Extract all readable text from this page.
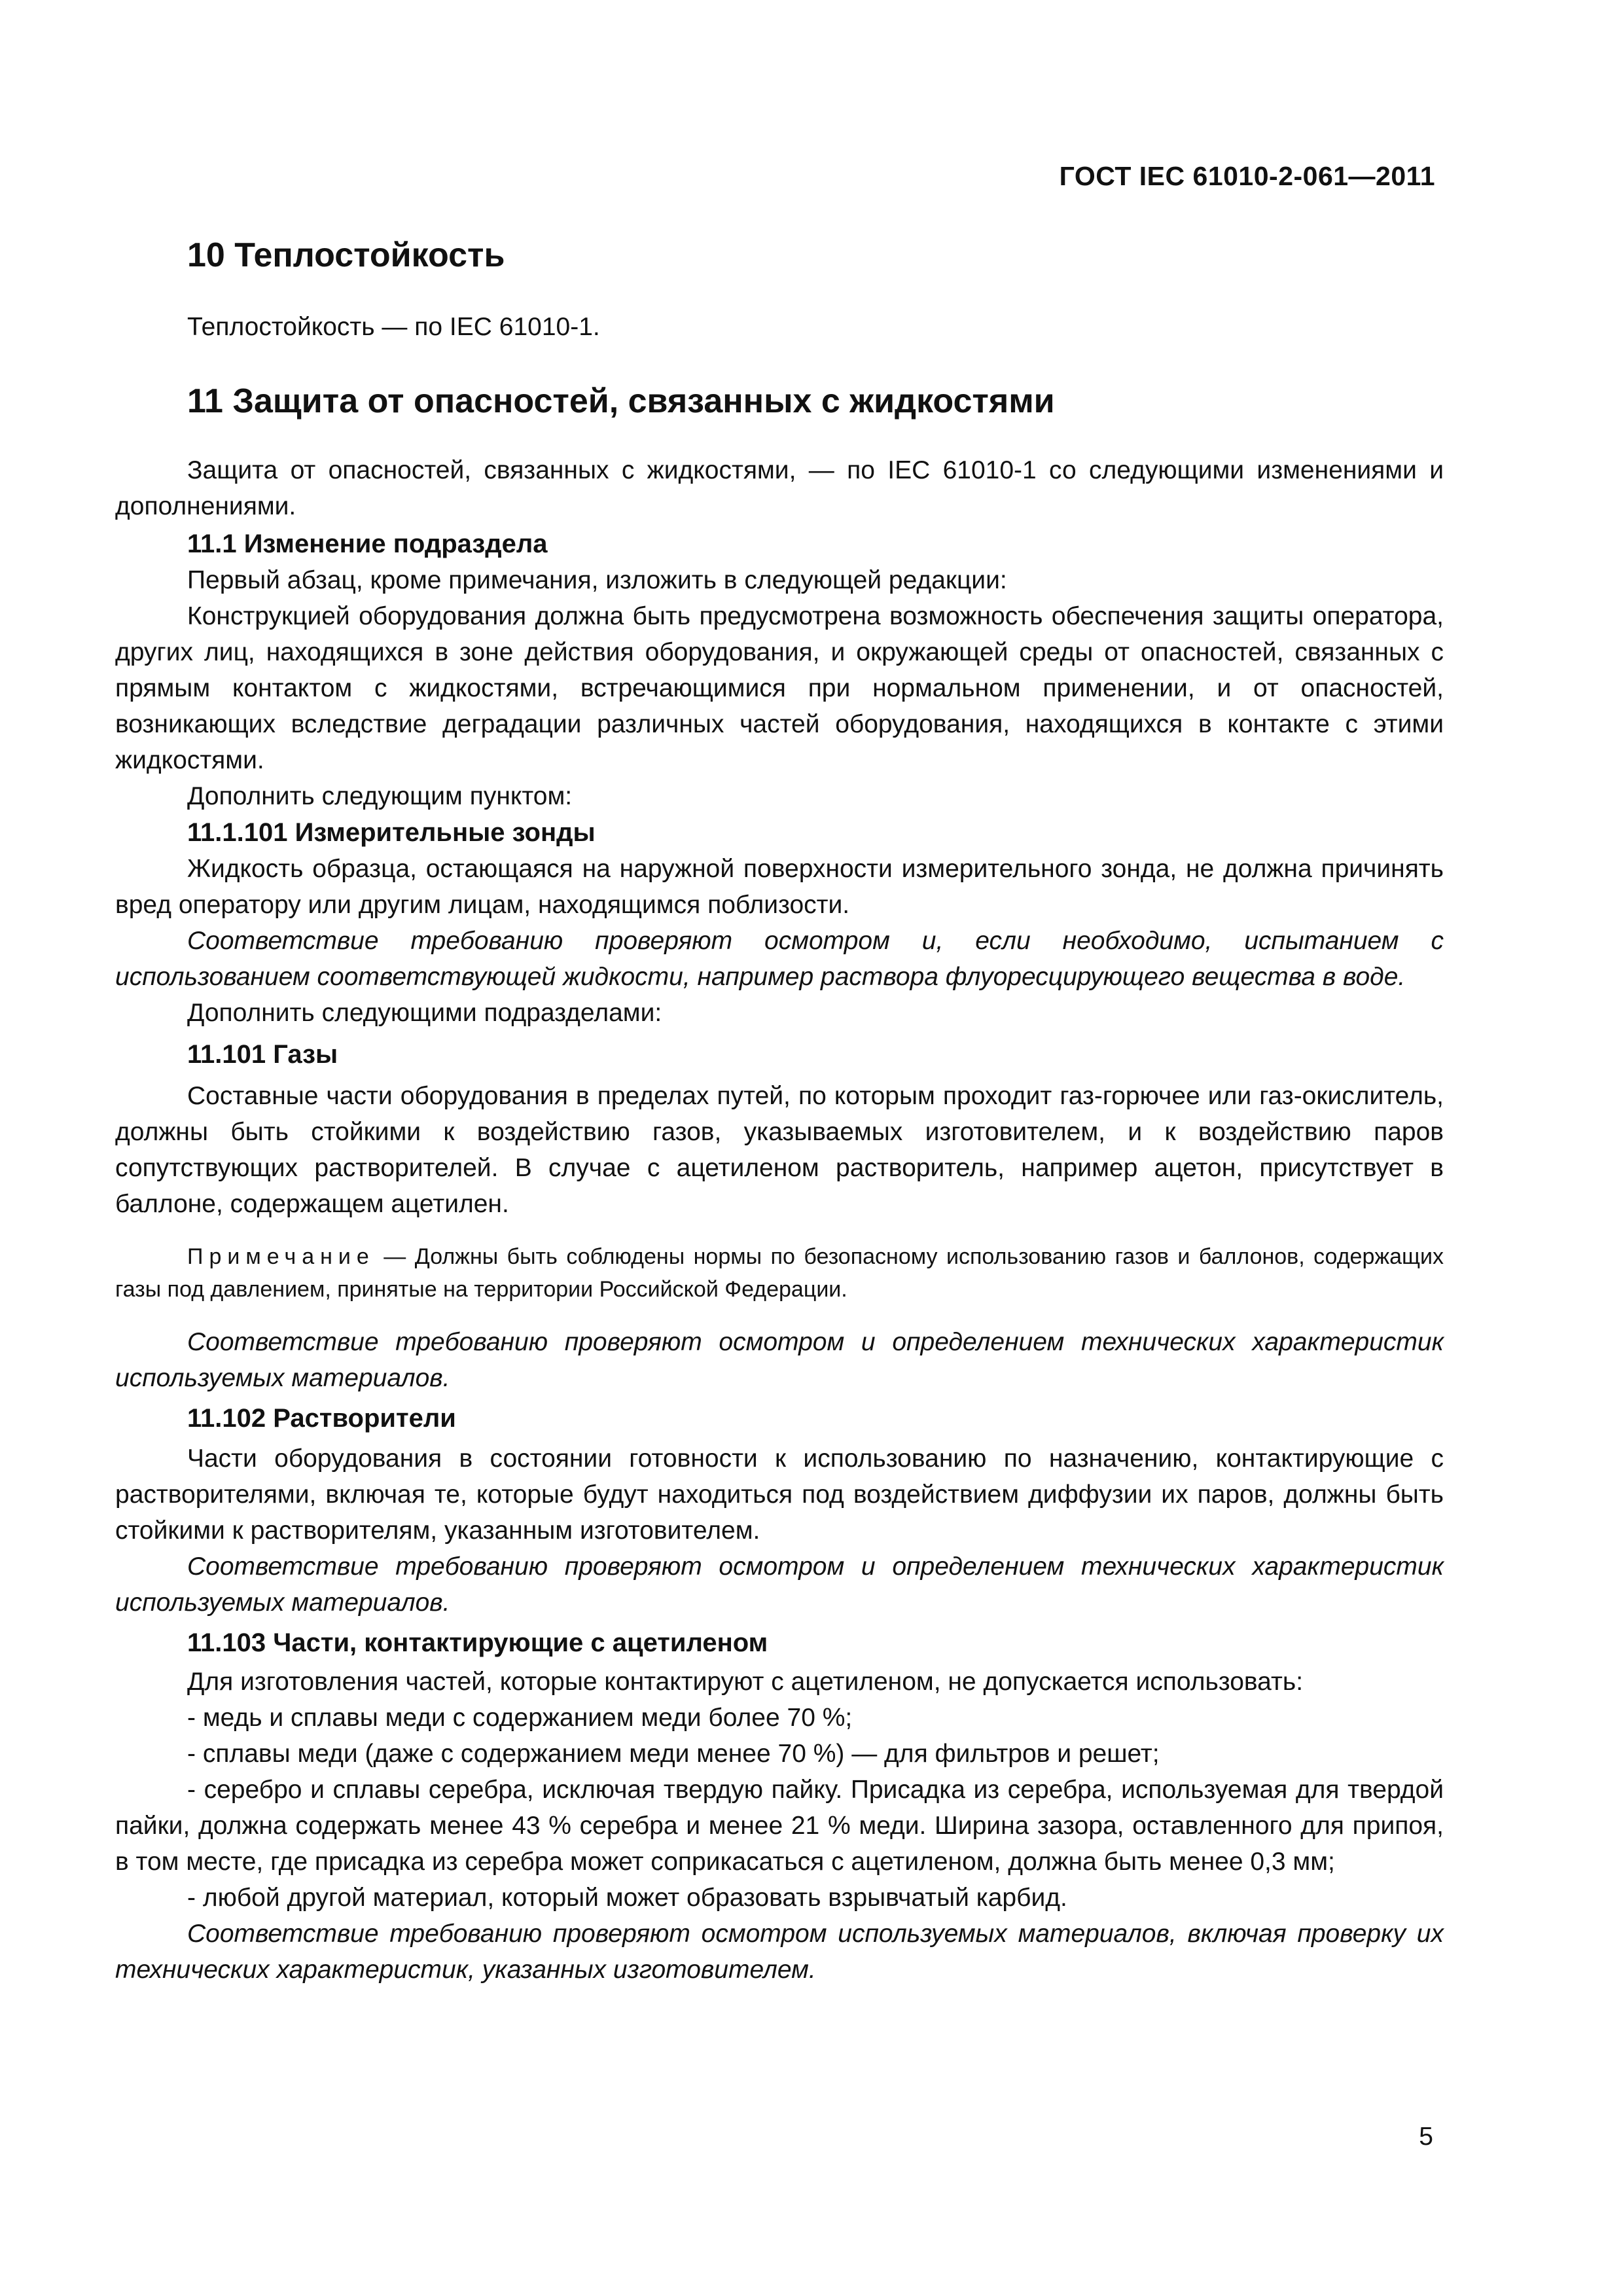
ГОСТ IEC 61010-2-061—2011
10 Теплостойкость

Теплостойкость — по IEC 61010-1.

11 Защита от опасностей, связанных с жидкостями

Защита от опасностей, связанных с жидкостями, — по IEC 61010-1 со следующими изменениями и дополнениями.

11.1 Изменение подраздела

Первый абзац, кроме примечания, изложить в следующей редакции:

Конструкцией оборудования должна быть предусмотрена возможность обеспечения защиты оператора, других лиц, находящихся в зоне действия оборудования, и окружающей среды от опасностей, связанных с прямым контактом с жидкостями, встречающимися при нормальном применении, и от опасностей, возникающих вследствие деградации различных частей оборудования, находящихся в контакте с этими жидкостями.

Дополнить следующим пунктом:

11.1.101 Измерительные зонды

Жидкость образца, остающаяся на наружной поверхности измерительного зонда, не должна причинять вред оператору или другим лицам, находящимся поблизости.

Соответствие требованию проверяют осмотром и, если необходимо, испытанием с использованием соответствующей жидкости, например раствора флуоресцирующего вещества в воде.

Дополнить следующими подразделами:

11.101 Газы

Составные части оборудования в пределах путей, по которым проходит газ-горючее или газ-окислитель, должны быть стойкими к воздействию газов, указываемых изготовителем, и к воздействию паров сопутствующих растворителей. В случае с ацетиленом растворитель, например ацетон, присутствует в баллоне, содержащем ацетилен.

Примечание — Должны быть соблюдены нормы по безопасному использованию газов и баллонов, содержащих газы под давлением, принятые на территории Российской Федерации.

Соответствие требованию проверяют осмотром и определением технических характеристик используемых материалов.

11.102 Растворители

Части оборудования в состоянии готовности к использованию по назначению, контактирующие с растворителями, включая те, которые будут находиться под воздействием диффузии их паров, должны быть стойкими к растворителям, указанным изготовителем.

Соответствие требованию проверяют осмотром и определением технических характеристик используемых материалов.

11.103 Части, контактирующие с ацетиленом

Для изготовления частей, которые контактируют с ацетиленом, не допускается использовать:

- медь и сплавы меди с содержанием меди более 70 %;

- сплавы меди (даже с содержанием меди менее 70 %) — для фильтров и решет;

- серебро и сплавы серебра, исключая твердую пайку. Присадка из серебра, используемая для твердой пайки, должна содержать менее 43 % серебра и менее 21 % меди. Ширина зазора, оставленного для припоя, в том месте, где присадка из серебра может соприкасаться с ацетиленом, должна быть менее 0,3 мм;

- любой другой материал, который может образовать взрывчатый карбид.

Соответствие требованию проверяют осмотром используемых материалов, включая проверку их технических характеристик, указанных изготовителем.

5
